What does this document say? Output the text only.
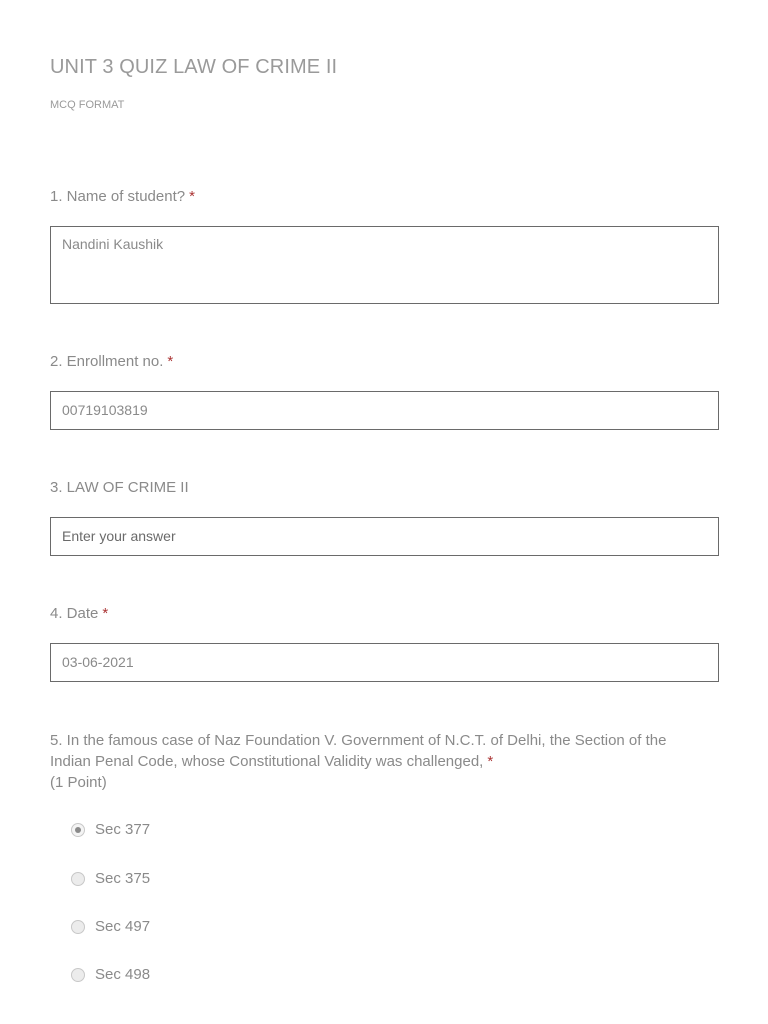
UNIT 3 QUIZ LAW OF CRIME II
MCQ FORMAT
1. Name of student? *
Nandini Kaushik
2. Enrollment no. *
00719103819
3. LAW OF CRIME II
Enter your answer
4. Date *
03-06-2021
5. In the famous case of Naz Foundation V. Government of N.C.T. of Delhi, the Section of the Indian Penal Code, whose Constitutional Validity was challenged, *
(1 Point)
Sec 377
Sec 375
Sec 497
Sec 498
